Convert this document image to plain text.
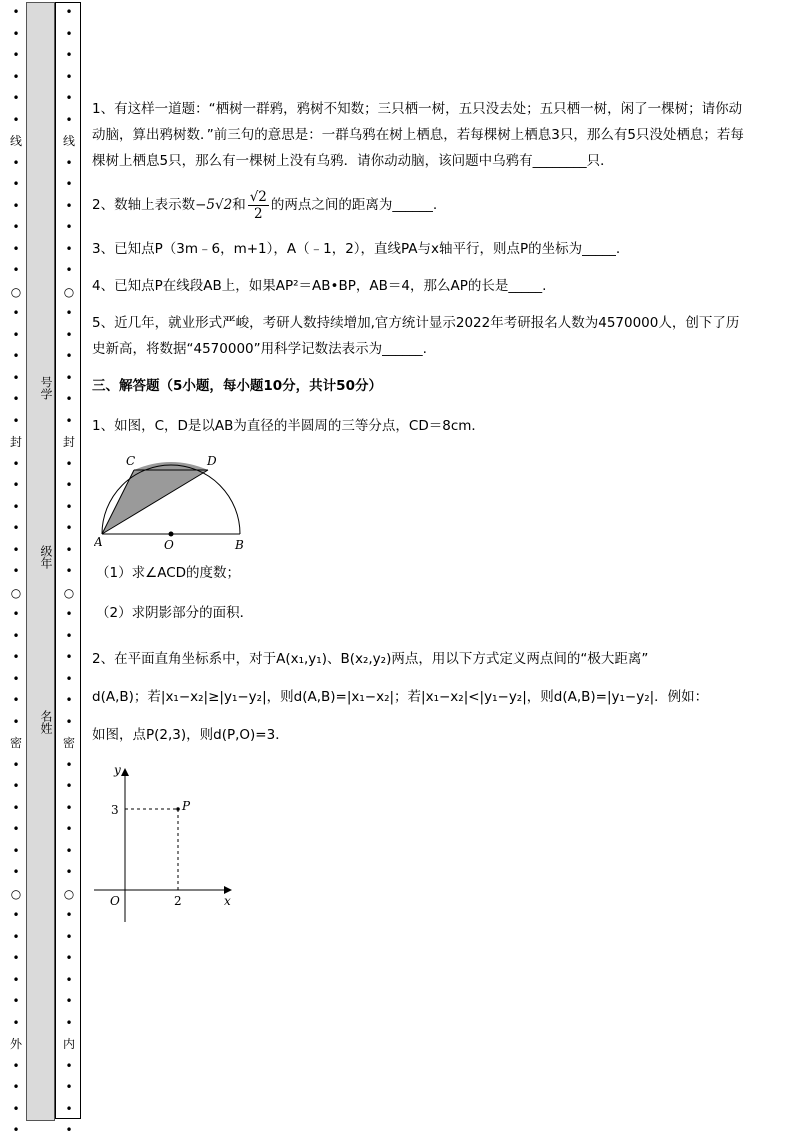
•
•
•
•
•
•
线
•
•
•
•
•
•
○
•
•
•
•
•
•
封
•
•
•
•
•
•
○
•
•
•
•
•
•
密
•
•
•
•
•
•
○
•
•
•
•
•
•
外
•
•
•
•
•
•
•
•
•
•
线
•
•
•
•
•
•
○
•
•
•
•
•
•
封
•
•
•
•
•
•
○
•
•
•
•
•
•
密
•
•
•
•
•
•
○
•
•
•
•
•
•
内
•
•
•
•
号学
级年
名姓
1、有这样一道题：“栖树一群鸦，鸦树不知数；三只栖一树，五只没去处；五只栖一树，闲了一棵树；请你动动脑，算出鸦树数．”前三句的意思是：一群乌鸦在树上栖息，若每棵树上栖息3只，那么有5只没处栖息；若每棵树上栖息5只，那么有一棵树上没有乌鸦．请你动动脑，该问题中乌鸦有________只．
2、 数轴上表示数 −5√2 和
√2
2
的两点之间的距离为______.
3、已知点P（3m﹣6，m+1），A（﹣1，2），直线PA与x轴平行，则点P的坐标为_____.
4、已知点P在线段AB上，如果AP²＝AB•BP，AB＝4，那么AP的长是_____.
5、近几年，就业形式严峻，考研人数持续增加,官方统计显示2022年考研报名人数为4570000人，创下了历史新高，将数据“4570000”用科学记数法表示为______.
三、解答题（5小题，每小题10分，共计50分）
1、如图，C，D是以AB为直径的半圆周的三等分点，CD＝8cm．
A	O	B
C	D
（1）求∠ACD的度数；
（2）求阴影部分的面积．
2、在平面直角坐标系中，对于A(x₁,y₁)、B(x₂,y₂)两点，用以下方式定义两点间的“极大距离”
d(A,B)；若|x₁−x₂|≥|y₁−y₂|，则d(A,B)=|x₁−x₂|；若|x₁−x₂|<|y₁−y₂|，则d(A,B)=|y₁−y₂|．例如：
如图，点P(2,3)，则d(P,O)=3．
y
x
O
P
3
2
